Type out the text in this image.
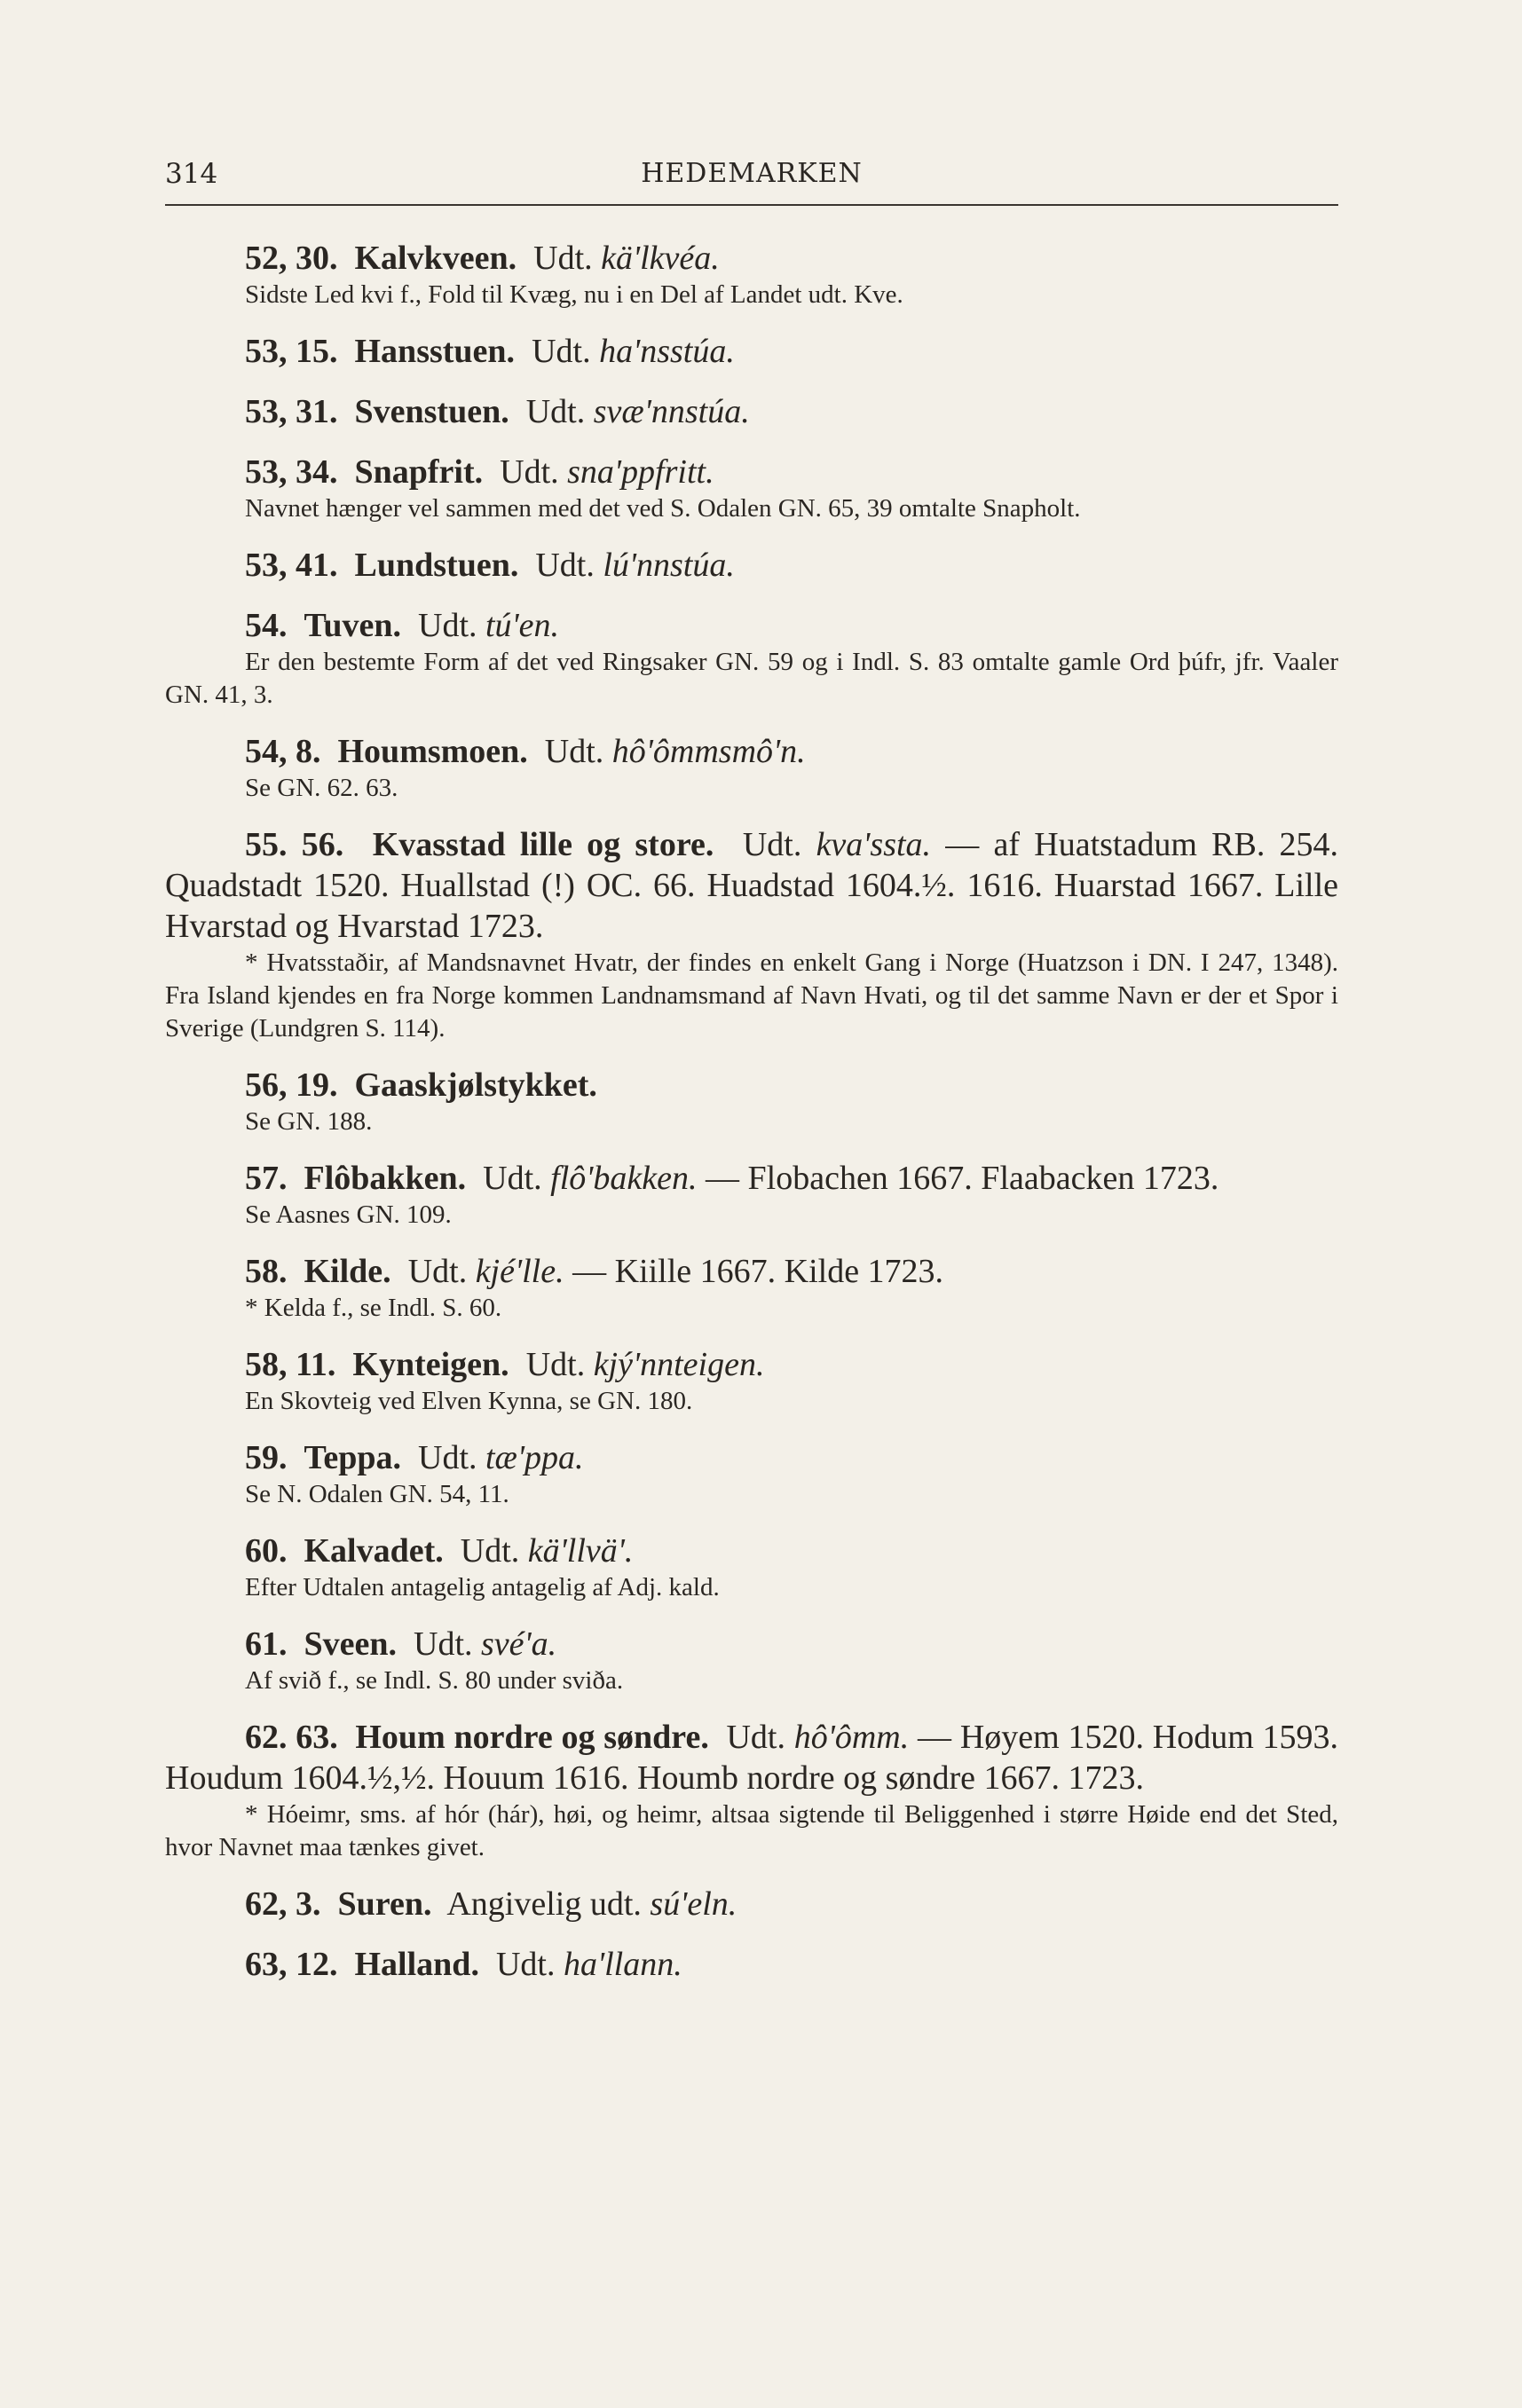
314	HEDEMARKEN
52, 30. Kalvkveen. Udt. kä'lkvéa.
Sidste Led kvi f., Fold til Kvæg, nu i en Del af Landet udt. Kve.
53, 15. Hansstuen. Udt. ha'nsstúa.
53, 31. Svenstuen. Udt. svæ'nnstúa.
53, 34. Snapfrit. Udt. sna'ppfritt.
Navnet hænger vel sammen med det ved S. Odalen GN. 65, 39 omtalte Snapholt.
53, 41. Lundstuen. Udt. lú'nnstúa.
54. Tuven. Udt. tú'en.
Er den bestemte Form af det ved Ringsaker GN. 59 og i Indl. S. 83 omtalte gamle Ord þúfr, jfr. Vaaler GN. 41, 3.
54, 8. Houmsmoen. Udt. hô'ômmsmô'n.
Se GN. 62. 63.
55. 56. Kvasstad lille og store. Udt. kva'ssta. — af Huatstadum RB. 254. Quadstadt 1520. Huallstad (!) OC. 66. Huadstad 1604.½. 1616. Huarstad 1667. Lille Hvarstad og Hvarstad 1723.
* Hvatsstaðir, af Mandsnavnet Hvatr, der findes en enkelt Gang i Norge (Huatzson i DN. I 247, 1348). Fra Island kjendes en fra Norge kommen Landnamsmand af Navn Hvati, og til det samme Navn er der et Spor i Sverige (Lundgren S. 114).
56, 19. Gaaskjølstykket.
Se GN. 188.
57. Flôbakken. Udt. flô'bakken. — Flobachen 1667. Flaabacken 1723.
Se Aasnes GN. 109.
58. Kilde. Udt. kjé'lle. — Kiille 1667. Kilde 1723.
* Kelda f., se Indl. S. 60.
58, 11. Kynteigen. Udt. kjý'nnteigen.
En Skovteig ved Elven Kynna, se GN. 180.
59. Teppa. Udt. tæ'ppa.
Se N. Odalen GN. 54, 11.
60. Kalvadet. Udt. kä'llvä'.
Efter Udtalen antagelig antagelig af Adj. kald.
61. Sveen. Udt. své'a.
Af svið f., se Indl. S. 80 under sviða.
62. 63. Houm nordre og søndre. Udt. hô'ômm. — Høyem 1520. Hodum 1593. Houdum 1604.½,½. Houum 1616. Houmb nordre og søndre 1667. 1723.
* Hóeimr, sms. af hór (hár), høi, og heimr, altsaa sigtende til Beliggenhed i større Høide end det Sted, hvor Navnet maa tænkes givet.
62, 3. Suren. Angivelig udt. sú'eln.
63, 12. Halland. Udt. ha'llann.
